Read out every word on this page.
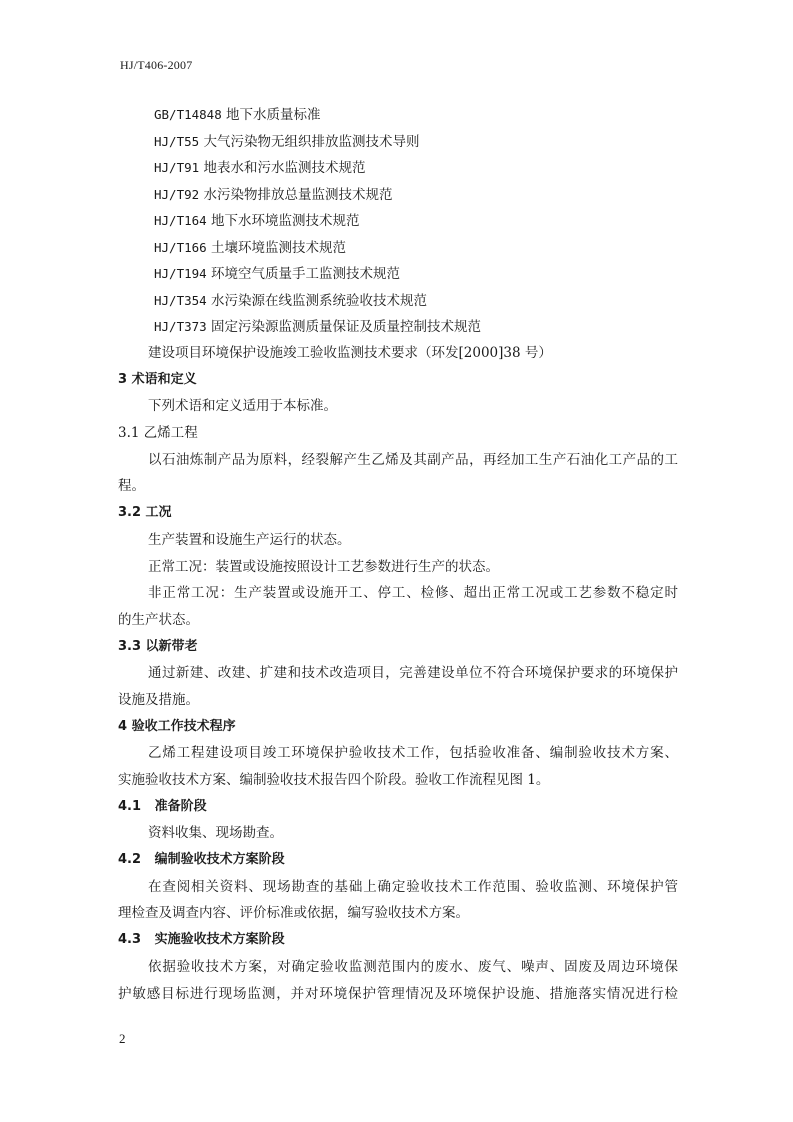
HJ/T406-2007
GB/T14848 地下水质量标准
HJ/T55 大气污染物无组织排放监测技术导则
HJ/T91 地表水和污水监测技术规范
HJ/T92 水污染物排放总量监测技术规范
HJ/T164 地下水环境监测技术规范
HJ/T166 土壤环境监测技术规范
HJ/T194 环境空气质量手工监测技术规范
HJ/T354 水污染源在线监测系统验收技术规范
HJ/T373 固定污染源监测质量保证及质量控制技术规范
建设项目环境保护设施竣工验收监测技术要求（环发[2000]38 号）
3 术语和定义
下列术语和定义适用于本标准。
3.1 乙烯工程
以石油炼制产品为原料，经裂解产生乙烯及其副产品，再经加工生产石油化工产品的工
程。
3.2 工况
生产装置和设施生产运行的状态。
正常工况：装置或设施按照设计工艺参数进行生产的状态。
非正常工况：生产装置或设施开工、停工、检修、超出正常工况或工艺参数不稳定时
的生产状态。
3.3 以新带老
通过新建、改建、扩建和技术改造项目，完善建设单位不符合环境保护要求的环境保护
设施及措施。
4 验收工作技术程序
乙烯工程建设项目竣工环境保护验收技术工作，包括验收准备、编制验收技术方案、
实施验收技术方案、编制验收技术报告四个阶段。验收工作流程见图 1。
4.1   准备阶段
资料收集、现场勘查。
4.2   编制验收技术方案阶段
在查阅相关资料、现场勘查的基础上确定验收技术工作范围、验收监测、环境保护管
理检查及调查内容、评价标准或依据，编写验收技术方案。
4.3   实施验收技术方案阶段
依据验收技术方案，对确定验收监测范围内的废水、废气、噪声、固废及周边环境保
护敏感目标进行现场监测，并对环境保护管理情况及环境保护设施、措施落实情况进行检
2
